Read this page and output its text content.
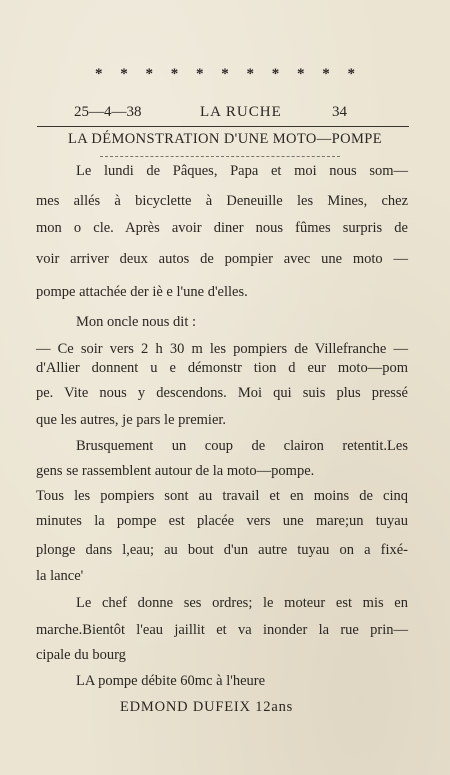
* * * * * * * * * * *
25—4—38	LA RUCHE	34
LA DÉMONSTRATION D'UNE MOTO—POMPE
Le lundi de Pâques, Papa et moi nous som—
mes allés à bicyclette à Deneuille les Mines, chez
mon o cle. Après avoir diner nous fûmes surpris de
voir arriver deux autos de pompier avec une moto —
pompe attachée der iè e l'une d'elles.
Mon oncle nous dit :
— Ce soir vers 2 h 30 m les pompiers de Villefranche —
d'Allier donnent u e démonstr tion d eur moto—pom
pe. Vite nous y descendons. Moi qui suis plus pressé
que les autres, je pars le premier.
Brusquement un coup de clairon retentit.Les
gens se rassemblent autour de la moto—pompe.
Tous les pompiers sont au travail et en moins de cinq
minutes la pompe est placée vers une mare;un tuyau
plonge dans l,eau; au bout d'un autre tuyau on a fixé-
la lance'
Le chef donne ses ordres; le moteur est mis en
marche.Bientôt l'eau jaillit et va inonder la rue prin—
cipale du bourg
LA pompe débite 60mc à l'heure
EDMOND DUFEIX 12ans
